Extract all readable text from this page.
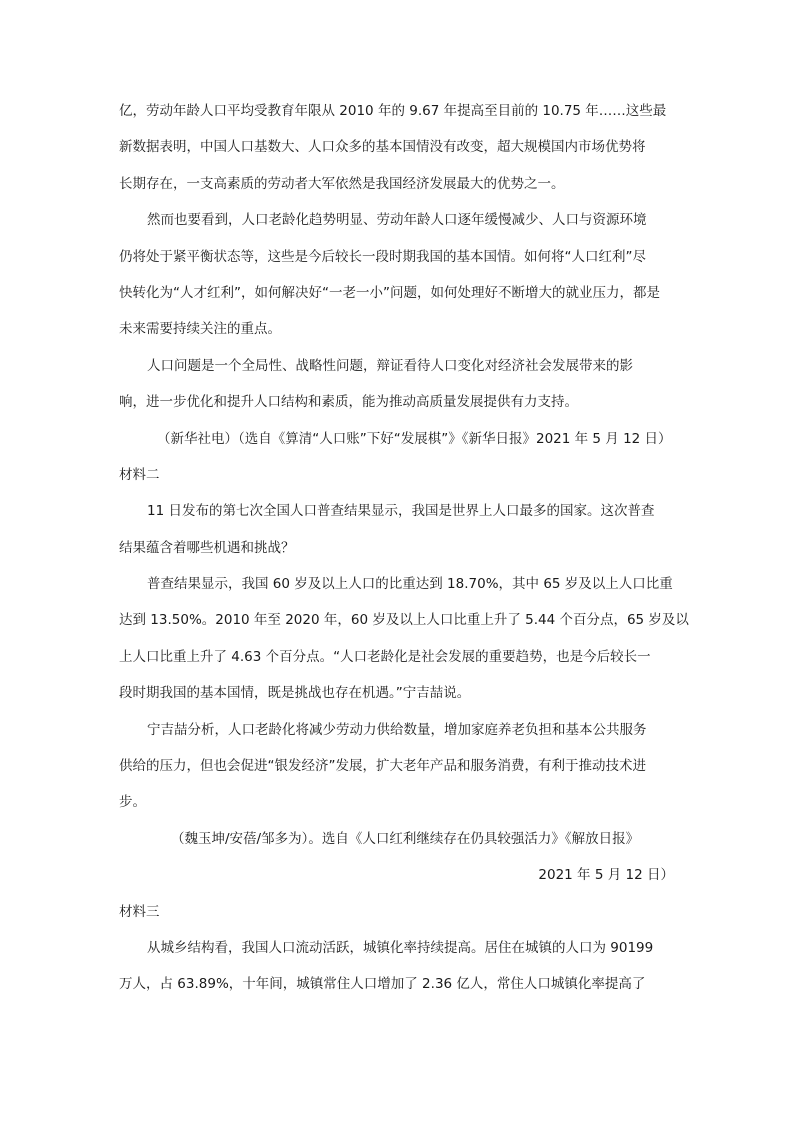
亿，劳动年龄人口平均受教育年限从 2010 年的 9.67 年提高至目前的 10.75 年……这些最
新数据表明，中国人口基数大、人口众多的基本国情没有改变，超大规模国内市场优势将
长期存在，一支高素质的劳动者大军依然是我国经济发展最大的优势之一。
然而也要看到，人口老龄化趋势明显、劳动年龄人口逐年缓慢减少、人口与资源环境
仍将处于紧平衡状态等，这些是今后较长一段时期我国的基本国情。如何将“人口红利”尽
快转化为“人才红利”，如何解决好“一老一小”问题，如何处理好不断增大的就业压力，都是
未来需要持续关注的重点。
人口问题是一个全局性、战略性问题，辩证看待人口变化对经济社会发展带来的影
响，进一步优化和提升人口结构和素质，能为推动高质量发展提供有力支持。
（新华社电）（选自《算清“人口账”下好“发展棋”》《新华日报》2021 年 5 月 12 日）
材料二
11 日发布的第七次全国人口普查结果显示，我国是世界上人口最多的国家。这次普查
结果蕴含着哪些机遇和挑战？
普查结果显示，我国 60 岁及以上人口的比重达到 18.70%，其中 65 岁及以上人口比重
达到 13.50%。2010 年至 2020 年，60 岁及以上人口比重上升了 5.44 个百分点，65 岁及以
上人口比重上升了 4.63 个百分点。“人口老龄化是社会发展的重要趋势，也是今后较长一
段时期我国的基本国情，既是挑战也存在机遇。”宁吉喆说。
宁吉喆分析，人口老龄化将减少劳动力供给数量，增加家庭养老负担和基本公共服务
供给的压力，但也会促进“银发经济”发展，扩大老年产品和服务消费，有利于推动技术进
步。
（魏玉坤/安蓓/邹多为）。选自《人口红利继续存在仍具较强活力》《解放日报》
2021 年 5 月 12 日）
材料三
从城乡结构看，我国人口流动活跃，城镇化率持续提高。居住在城镇的人口为 90199
万人，占 63.89%，十年间，城镇常住人口增加了 2.36 亿人，常住人口城镇化率提高了
